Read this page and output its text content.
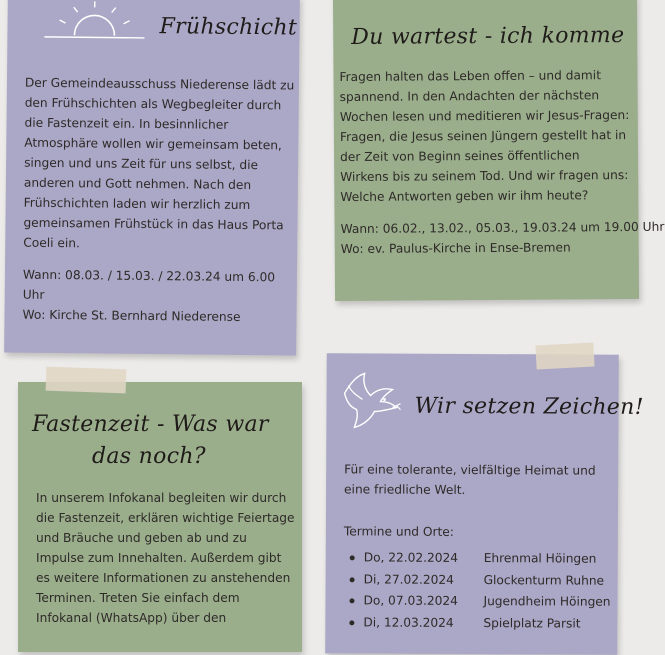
Frühschicht

Der Gemeindeausschuss Niederense lädt zu den Frühschichten als Wegbegleiter durch die Fastenzeit ein. In besinnlicher Atmosphäre wollen wir gemeinsam beten, singen und uns Zeit für uns selbst, die anderen und Gott nehmen. Nach den Frühschichten laden wir herzlich zum gemeinsamen Frühstück in das Haus Porta Coeli ein.

Wann: 08.03. / 15.03. / 22.03.24 um 6.00 Uhr

Wo: Kirche St. Bernhard Niederense

Du wartest - ich komme

Fragen halten das Leben offen – und damit spannend. In den Andachten der nächsten Wochen lesen und meditieren wir Jesus-Fragen: Fragen, die Jesus seinen Jüngern gestellt hat in der Zeit von Beginn seines öffentlichen Wirkens bis zu seinem Tod. Und wir fragen uns: Welche Antworten geben wir ihm heute?

Wann: 06.02., 13.02., 05.03., 19.03.24 um 19.00 Uhr

Wo: ev. Paulus-Kirche in Ense-Bremen

Fastenzeit - Was war
das noch?

In unserem Infokanal begleiten wir durch die Fastenzeit, erklären wichtige Feiertage und Bräuche und geben ab und zu Impulse zum Innehalten. Außerdem gibt es weitere Informationen zu anstehenden Terminen. Treten Sie einfach dem Infokanal (WhatsApp) über den

Wir setzen Zeichen!

Für eine tolerante, vielfältige Heimat und eine friedliche Welt.

Termine und Orte:

Do, 22.02.2024 Ehrenmal Höingen
Di, 27.02.2024 Glockenturm Ruhne
Do, 07.03.2024 Jugendheim Höingen
Di, 12.03.2024 Spielplatz Parsit
